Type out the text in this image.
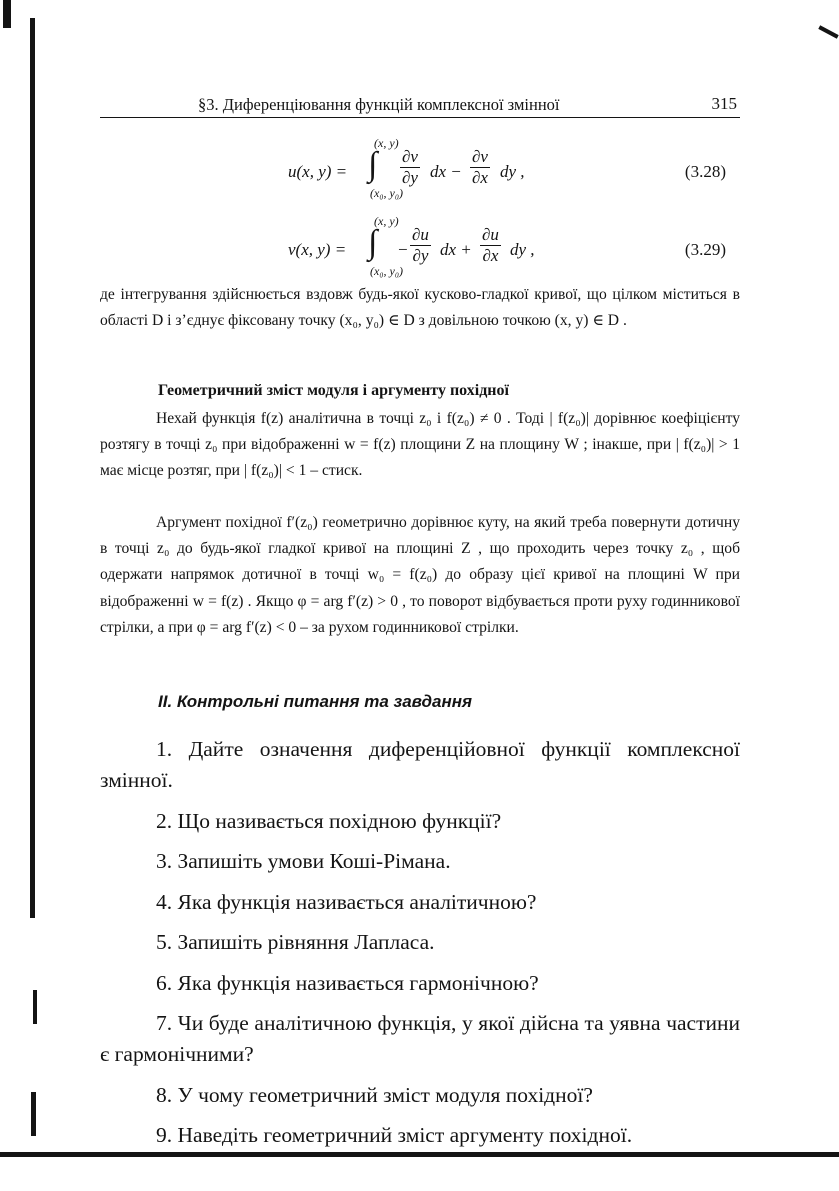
§3. Диференціювання функцій комплексної змінної	315
u(x, y) =
(x, y)
∫
(x₀, y₀)
$\frac{\partial v}{\partial y}$ dx − $\frac{\partial v}{\partial x}$ dy ,	(3.28)
v(x, y) =
(x, y)
∫
(x₀, y₀)
− $\frac{\partial u}{\partial y}$ dx + $\frac{\partial u}{\partial x}$ dy ,	(3.29)

де інтегрування здійснюється вздовж будь-якої кусково-гладкої кривої, що цілком міститься в області D і з’єднує фіксовану точку (x₀, y₀) ∈ D з довільною точкою (x, y) ∈ D .

Геометричний зміст модуля і аргументу похідної

Нехай функція f(z) аналітична в точці z₀ і f(z₀) ≠ 0 . Тоді | f(z₀)| дорівнює коефіцієнту розтягу в точці z₀ при відображенні w = f(z) площини Z на площину W ; інакше, при | f(z₀)| > 1 має місце розтяг, при | f(z₀)| < 1 – стиск.

Аргумент похідної f′(z₀) геометрично дорівнює куту, на який треба повернути дотичну в точці z₀ до будь-якої гладкої кривої на площині Z , що проходить через точку z₀ , щоб одержати напрямок дотичної в точці w₀ = f(z₀) до образу цієї кривої на площині W при відображенні w = f(z) . Якщо φ = arg f′(z) > 0 , то поворот відбувається проти руху годинникової стрілки, а при φ = arg f′(z) < 0 – за рухом годинникової стрілки.

II. Контрольні питання та завдання
1. Дайте означення диференційовної функції комплексної змінної.
2. Що називається похідною функції?
3. Запишіть умови Коші-Рімана.
4. Яка функція називається аналітичною?
5. Запишіть рівняння Лапласа.
6. Яка функція називається гармонічною?
7. Чи буде аналітичною функція, у якої дійсна та уявна частини є гармонічними?
8. У чому геометричний зміст модуля похідної?
9. Наведіть геометричний зміст аргументу похідної.
